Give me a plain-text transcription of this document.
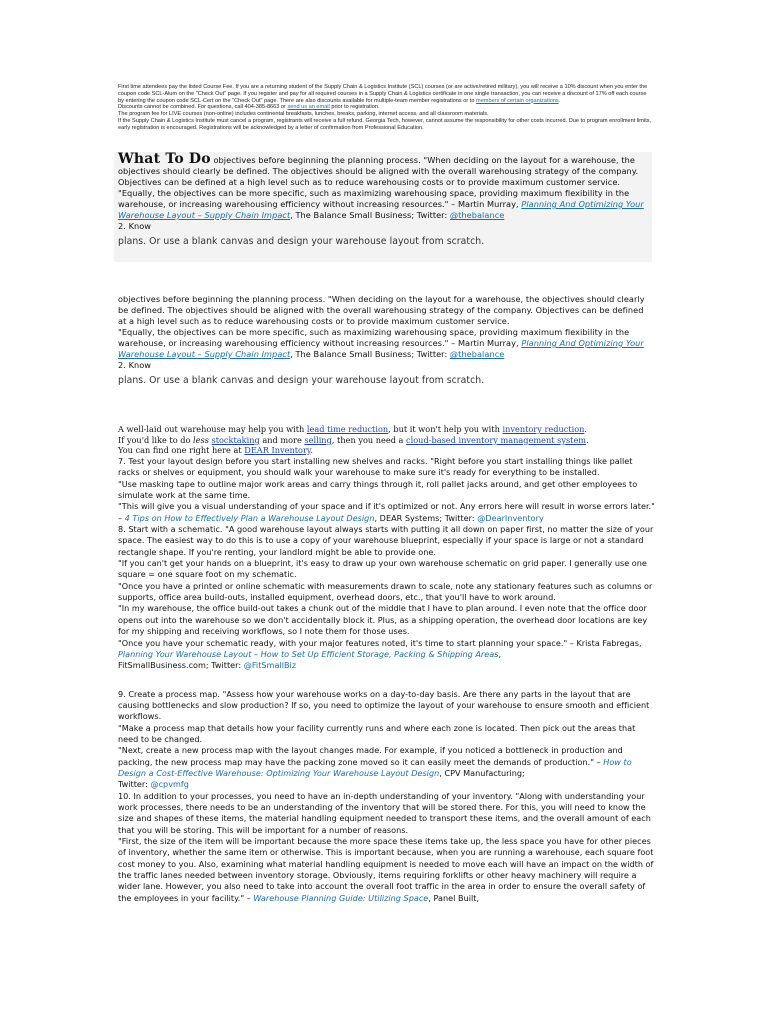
First time attendees pay the listed Course Fee. If you are a returning student of the Supply Chain & Logistics Institute (SCL) courses (or are active/retired military), you will receive a 10% discount when you enter the coupon code SCL-Alum on the "Check Out" page. If you register and pay for all required courses in a Supply Chain & Logistics certificate in one single transaction, you can receive a discount of 17% off each course by entering the coupon code SCL-Cert on the "Check Out" page. There are also discounts available for multiple-team member registrations or to members of certain organizations.

Discounts cannot be combined. For questions, call 404-385-8663 or send us an email prior to registration.

The program fee for LIVE courses (non-online) includes continental breakfasts, lunches, breaks, parking, internet access, and all classroom materials.

If the Supply Chain & Logistics Institute must cancel a program, registrants will receive a full refund. Georgia Tech, however, cannot assume the responsibility for other costs incurred. Due to program enrollment limits, early registration is encouraged. Registrations will be acknowledged by a letter of confirmation from Professional Education.

What To Do objectives before beginning the planning process. "When deciding on the layout for a warehouse, the objectives should clearly be defined. The objectives should be aligned with the overall warehousing strategy of the company. Objectives can be defined at a high level such as to reduce warehousing costs or to provide maximum customer service.

"Equally, the objectives can be more specific, such as maximizing warehousing space, providing maximum flexibility in the warehouse, or increasing warehousing efficiency without increasing resources." – Martin Murray, Planning And Optimizing Your Warehouse Layout – Supply Chain Impact, The Balance Small Business; Twitter: @thebalance

2. Know

plans. Or use a blank canvas and design your warehouse layout from scratch.

objectives before beginning the planning process. "When deciding on the layout for a warehouse, the objectives should clearly be defined. The objectives should be aligned with the overall warehousing strategy of the company. Objectives can be defined at a high level such as to reduce warehousing costs or to provide maximum customer service.

"Equally, the objectives can be more specific, such as maximizing warehousing space, providing maximum flexibility in the warehouse, or increasing warehousing efficiency without increasing resources." – Martin Murray, Planning And Optimizing Your Warehouse Layout – Supply Chain Impact, The Balance Small Business; Twitter: @thebalance

2. Know

plans. Or use a blank canvas and design your warehouse layout from scratch.

A well-laid out warehouse may help you with lead time reduction, but it won't help you with inventory reduction.

If you'd like to do less stocktaking and more selling, then you need a cloud-based inventory management system.

You can find one right here at DEAR Inventory.

7. Test your layout design before you start installing new shelves and racks. "Right before you start installing things like pallet racks or shelves or equipment, you should walk your warehouse to make sure it's ready for everything to be installed.

"Use masking tape to outline major work areas and carry things through it, roll pallet jacks around, and get other employees to simulate work at the same time.

"This will give you a visual understanding of your space and if it's optimized or not. Any errors here will result in worse errors later." – 4 Tips on How to Effectively Plan a Warehouse Layout Design, DEAR Systems; Twitter: @DearInventory

8. Start with a schematic. "A good warehouse layout always starts with putting it all down on paper first, no matter the size of your space. The easiest way to do this is to use a copy of your warehouse blueprint, especially if your space is large or not a standard rectangle shape. If you're renting, your landlord might be able to provide one.

"If you can't get your hands on a blueprint, it's easy to draw up your own warehouse schematic on grid paper. I generally use one square = one square foot on my schematic.

"Once you have a printed or online schematic with measurements drawn to scale, note any stationary features such as columns or supports, office area build-outs, installed equipment, overhead doors, etc., that you'll have to work around.

"In my warehouse, the office build-out takes a chunk out of the middle that I have to plan around. I even note that the office door opens out into the warehouse so we don't accidentally block it. Plus, as a shipping operation, the overhead door locations are key for my shipping and receiving workflows, so I note them for those uses.

"Once you have your schematic ready, with your major features noted, it's time to start planning your space." – Krista Fabregas, Planning Your Warehouse Layout – How to Set Up Efficient Storage, Packing & Shipping Areas,

FitSmallBusiness.com; Twitter: @FitSmallBiz

9. Create a process map. "Assess how your warehouse works on a day-to-day basis. Are there any parts in the layout that are causing bottlenecks and slow production? If so, you need to optimize the layout of your warehouse to ensure smooth and efficient workflows.

"Make a process map that details how your facility currently runs and where each zone is located. Then pick out the areas that need to be changed.

"Next, create a new process map with the layout changes made. For example, if you noticed a bottleneck in production and packing, the new process map may have the packing zone moved so it can easily meet the demands of production." – How to Design a Cost-Effective Warehouse: Optimizing Your Warehouse Layout Design, CPV Manufacturing;

Twitter: @cpvmfg

10. In addition to your processes, you need to have an in-depth understanding of your inventory. "Along with understanding your work processes, there needs to be an understanding of the inventory that will be stored there. For this, you will need to know the size and shapes of these items, the material handling equipment needed to transport these items, and the overall amount of each that you will be storing. This will be important for a number of reasons.

"First, the size of the item will be important because the more space these items take up, the less space you have for other pieces of inventory, whether the same item or otherwise. This is important because, when you are running a warehouse, each square foot cost money to you. Also, examining what material handling equipment is needed to move each will have an impact on the width of the traffic lanes needed between inventory storage. Obviously, items requiring forklifts or other heavy machinery will require a wider lane. However, you also need to take into account the overall foot traffic in the area in order to ensure the overall safety of the employees in your facility." – Warehouse Planning Guide: Utilizing Space, Panel Built,
